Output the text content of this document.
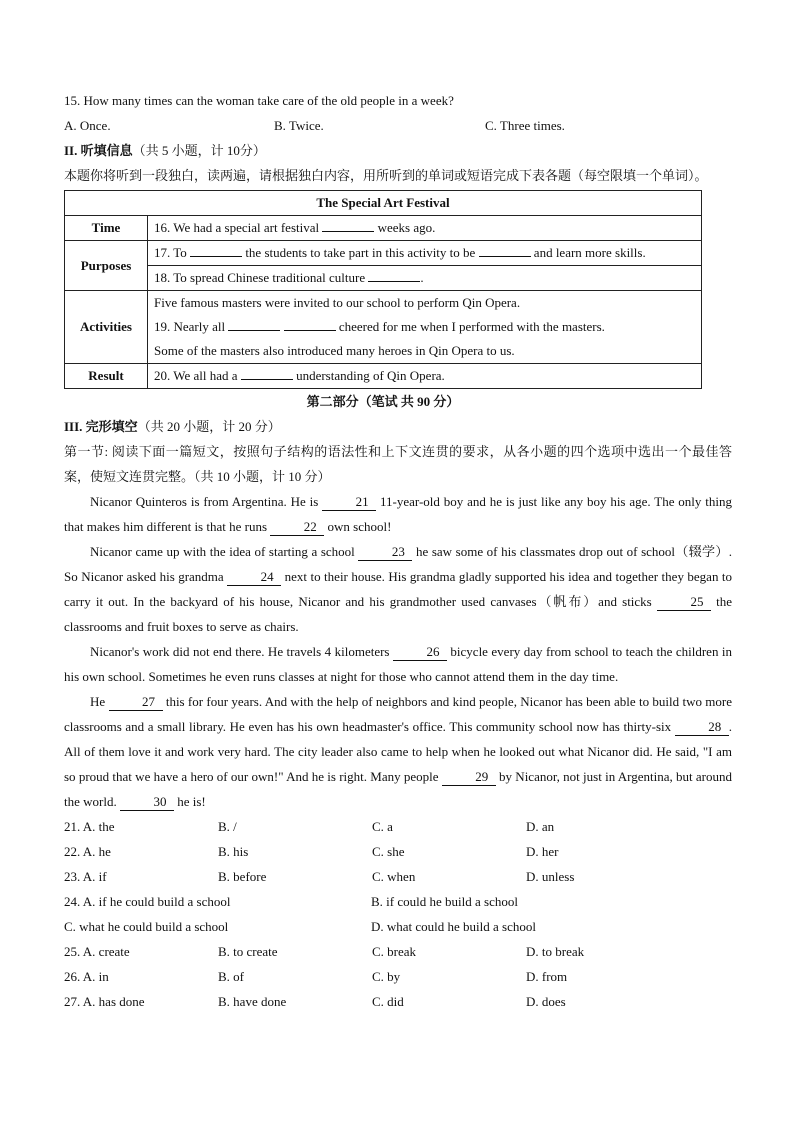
15. How many times can the woman take care of the old people in a week?
A. Once.	B. Twice.	C. Three times.
II. 听填信息（共 5 小题，计 10分）
本题你将听到一段独白，读两遍，请根据独白内容，用所听到的单词或短语完成下表各题（每空限填一个单词）。
The Special Art Festival	
Time	16. We had a special art festival weeks ago.
Purposes	17. To the students to take part in this activity to be and learn more skills.
	18. To spread Chinese traditional culture .
Activities	Five famous masters were invited to our school to perform Qin Opera.
	19. Nearly all cheered for me when I performed with the masters.
	Some of the masters also introduced many heroes in Qin Opera to us.
Result	20. We all had a understanding of Qin Opera.
第二部分（笔试 共 90 分）
III. 完形填空（共 20 小题，计 20 分）
第一节: 阅读下面一篇短文，按照句子结构的语法性和上下文连贯的要求，从各小题的四个选项中选出一个最佳答案，使短文连贯完整。（共 10 小题，计 10 分）
Nicanor Quinteros is from Argentina. He is	21 11-year-old boy and he is just like any boy his age. The only thing that makes him different is that he runs	22 own school!
Nicanor came up with the idea of starting a school	23 he saw some of his classmates drop out of school（辍学）. So Nicanor asked his grandma	24 next to their house. His grandma gladly supported his idea and together they began to carry it out. In the backyard of his house, Nicanor and his grandmother used canvases（帆布）and sticks	25 the classrooms and fruit boxes to serve as chairs.
Nicanor's work did not end there. He travels 4 kilometers	26 bicycle every day from school to teach the children in his own school. Sometimes he even runs classes at night for those who cannot attend them in the day time.
He	27 this for four years. And with the help of neighbors and kind people, Nicanor has been able to build two more classrooms and a small library. He even has his own headmaster's office. This community school now has thirty-six	28 . All of them love it and work very hard. The city leader also came to help when he looked out what Nicanor did. He said, "I am so proud that we have a hero of our own!" And he is right. Many people	29 by Nicanor, not just in Argentina, but around the world.	30 he is!
21. A. the	B. /	C. a	D. an
22. A. he	B. his	C. she	D. her
23. A. if	B. before	C. when	D. unless
24. A. if he could build a school	B. if could he build a school
C. what he could build a school	D. what could he build a school
25. A. create	B. to create	C. break	D. to break
26. A. in	B. of	C. by	D. from
27. A. has done	B. have done	C. did	D. does
